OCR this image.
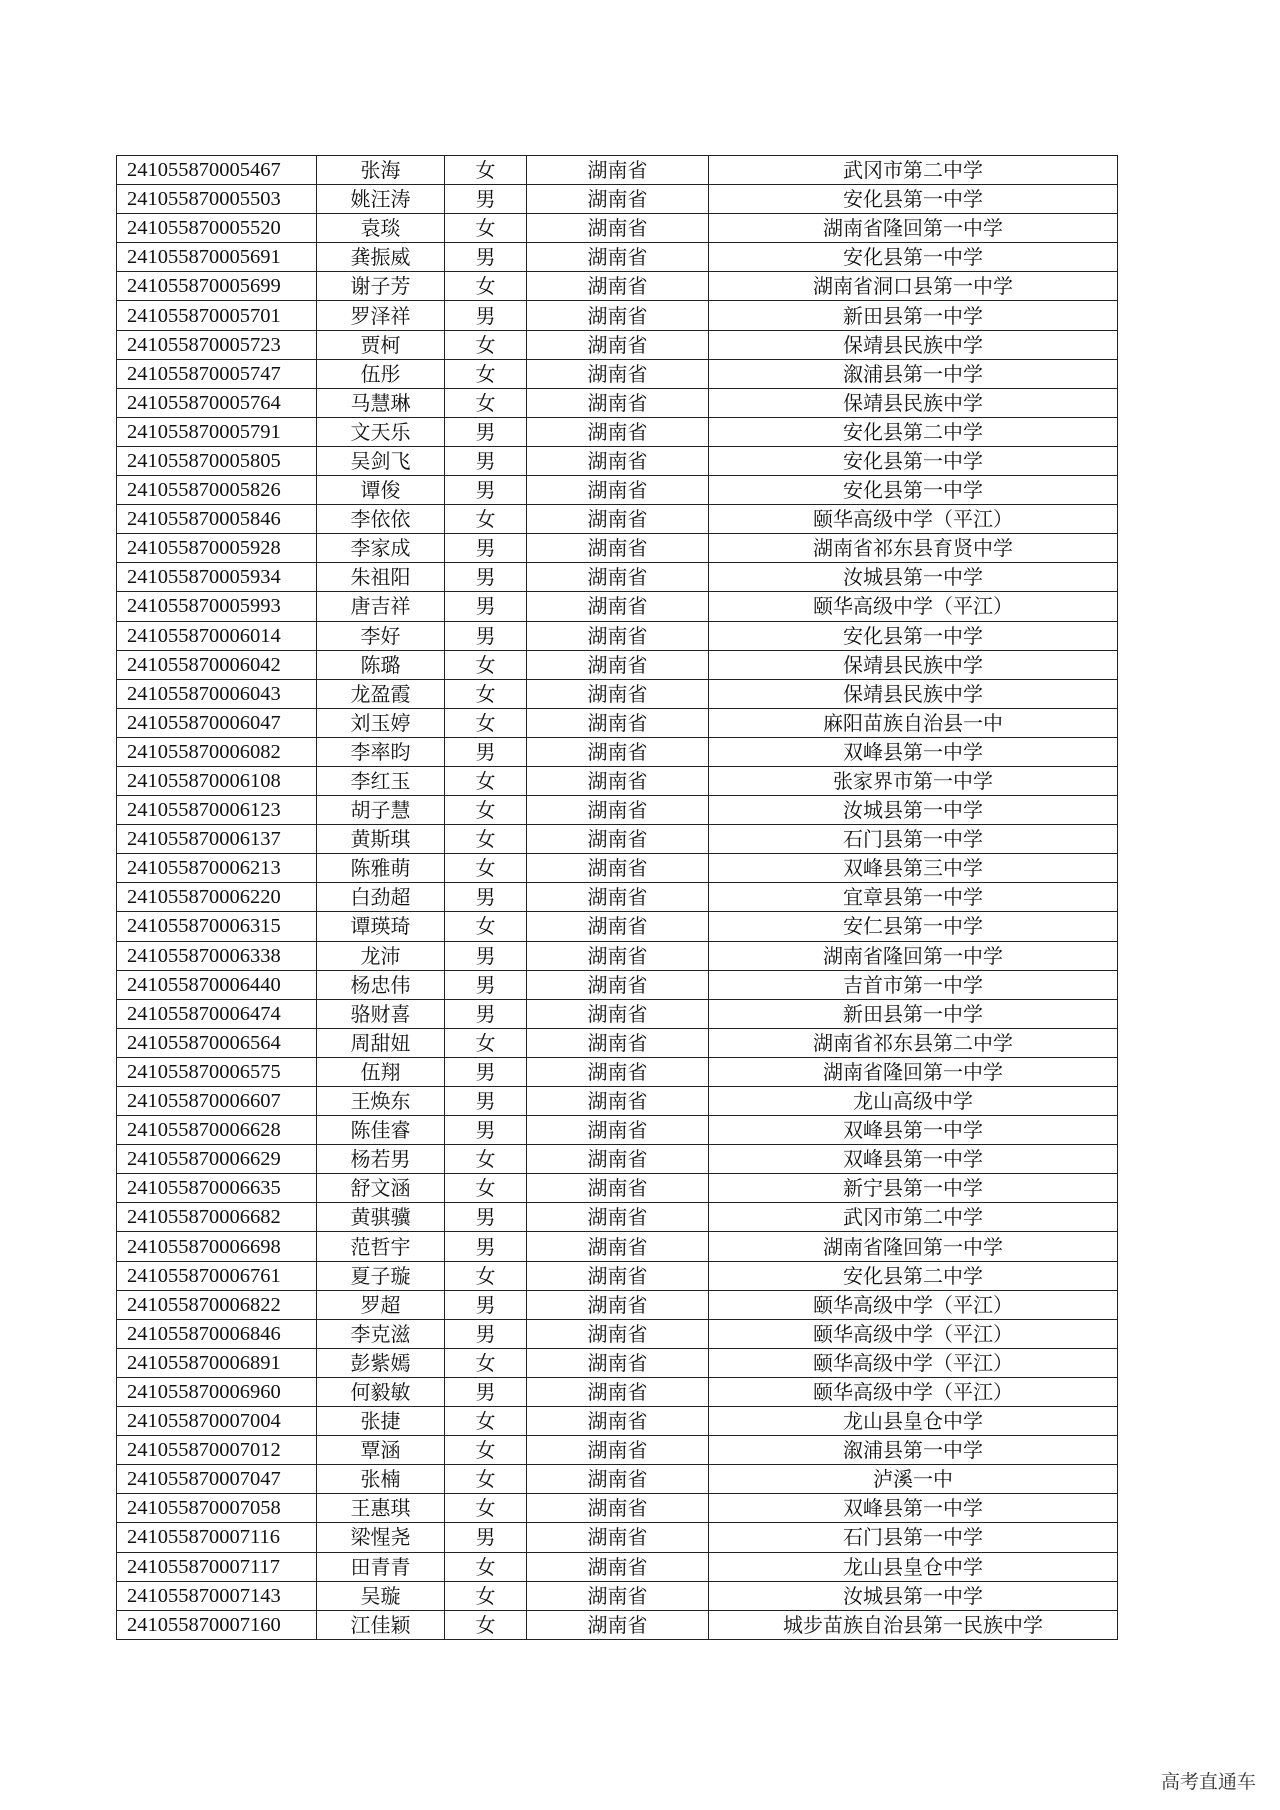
241055870005467	张海	女	湖南省	武冈市第二中学
241055870005503	姚汪涛	男	湖南省	安化县第一中学
241055870005520	袁琰	女	湖南省	湖南省隆回第一中学
241055870005691	龚振威	男	湖南省	安化县第一中学
241055870005699	谢子芳	女	湖南省	湖南省洞口县第一中学
241055870005701	罗泽祥	男	湖南省	新田县第一中学
241055870005723	贾柯	女	湖南省	保靖县民族中学
241055870005747	伍彤	女	湖南省	溆浦县第一中学
241055870005764	马慧琳	女	湖南省	保靖县民族中学
241055870005791	文天乐	男	湖南省	安化县第二中学
241055870005805	吴剑飞	男	湖南省	安化县第一中学
241055870005826	谭俊	男	湖南省	安化县第一中学
241055870005846	李依依	女	湖南省	颐华高级中学（平江）
241055870005928	李家成	男	湖南省	湖南省祁东县育贤中学
241055870005934	朱祖阳	男	湖南省	汝城县第一中学
241055870005993	唐吉祥	男	湖南省	颐华高级中学（平江）
241055870006014	李好	男	湖南省	安化县第一中学
241055870006042	陈璐	女	湖南省	保靖县民族中学
241055870006043	龙盈霞	女	湖南省	保靖县民族中学
241055870006047	刘玉婷	女	湖南省	麻阳苗族自治县一中
241055870006082	李率昀	男	湖南省	双峰县第一中学
241055870006108	李红玉	女	湖南省	张家界市第一中学
241055870006123	胡子慧	女	湖南省	汝城县第一中学
241055870006137	黄斯琪	女	湖南省	石门县第一中学
241055870006213	陈雅萌	女	湖南省	双峰县第三中学
241055870006220	白劲超	男	湖南省	宜章县第一中学
241055870006315	谭瑛琦	女	湖南省	安仁县第一中学
241055870006338	龙沛	男	湖南省	湖南省隆回第一中学
241055870006440	杨忠伟	男	湖南省	吉首市第一中学
241055870006474	骆财喜	男	湖南省	新田县第一中学
241055870006564	周甜妞	女	湖南省	湖南省祁东县第二中学
241055870006575	伍翔	男	湖南省	湖南省隆回第一中学
241055870006607	王焕东	男	湖南省	龙山高级中学
241055870006628	陈佳睿	男	湖南省	双峰县第一中学
241055870006629	杨若男	女	湖南省	双峰县第一中学
241055870006635	舒文涵	女	湖南省	新宁县第一中学
241055870006682	黄骐骥	男	湖南省	武冈市第二中学
241055870006698	范哲宇	男	湖南省	湖南省隆回第一中学
241055870006761	夏子璇	女	湖南省	安化县第二中学
241055870006822	罗超	男	湖南省	颐华高级中学（平江）
241055870006846	李克滋	男	湖南省	颐华高级中学（平江）
241055870006891	彭紫嫣	女	湖南省	颐华高级中学（平江）
241055870006960	何毅敏	男	湖南省	颐华高级中学（平江）
241055870007004	张捷	女	湖南省	龙山县皇仓中学
241055870007012	覃涵	女	湖南省	溆浦县第一中学
241055870007047	张楠	女	湖南省	泸溪一中
241055870007058	王惠琪	女	湖南省	双峰县第一中学
241055870007116	梁惺尧	男	湖南省	石门县第一中学
241055870007117	田青青	女	湖南省	龙山县皇仓中学
241055870007143	吴璇	女	湖南省	汝城县第一中学
241055870007160	江佳颖	女	湖南省	城步苗族自治县第一民族中学
高考直通车
